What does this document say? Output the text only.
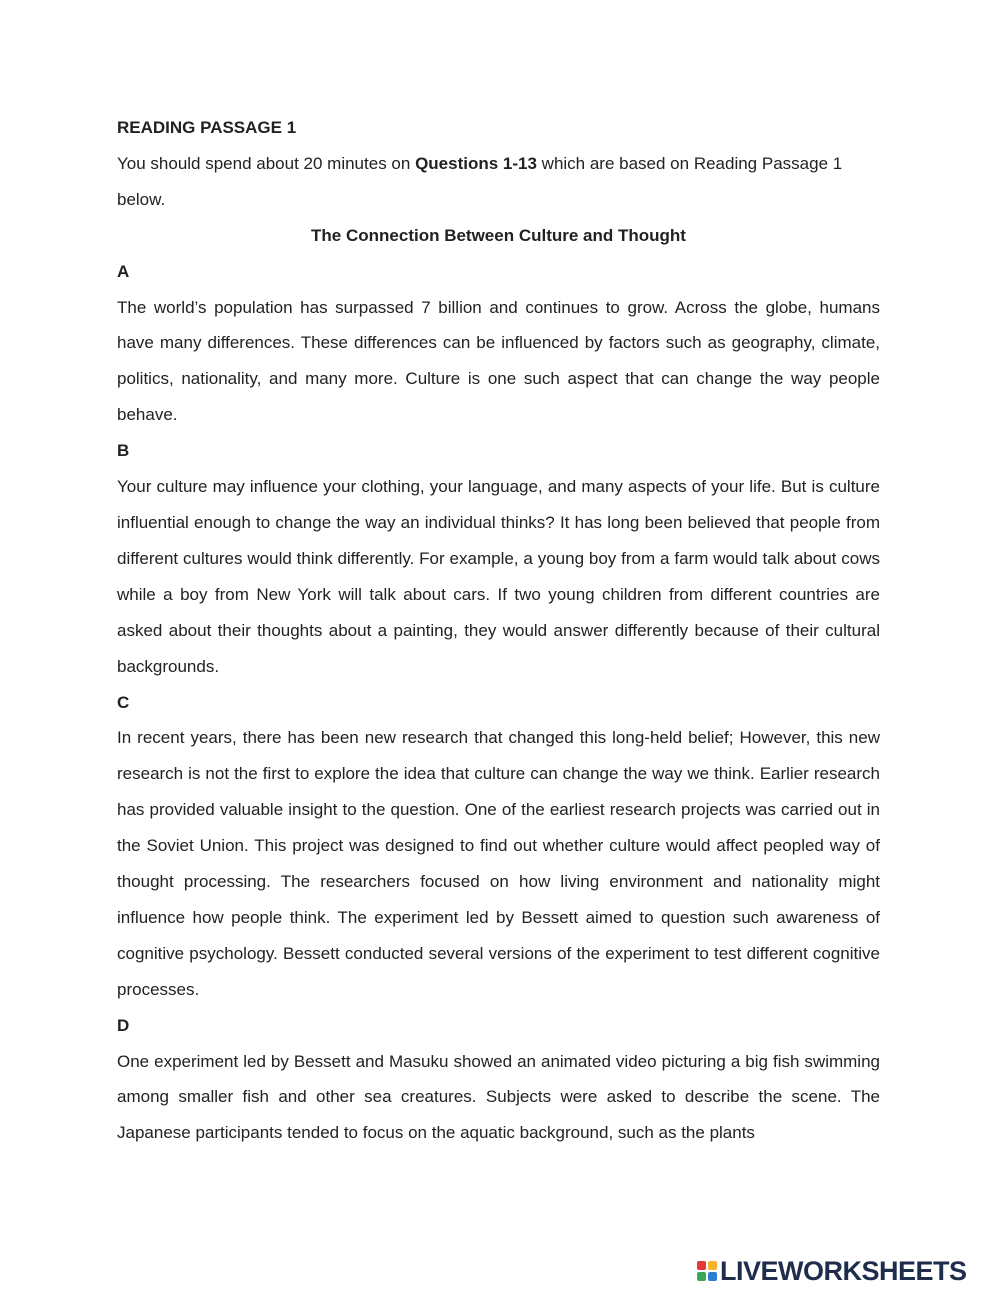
READING PASSAGE 1

You should spend about 20 minutes on Questions 1-13 which are based on Reading Passage 1 below.

The Connection Between Culture and Thought

A

The world’s population has surpassed 7 billion and continues to grow. Across the globe, humans have many differences. These differences can be influenced by factors such as geography, climate, politics, nationality, and many more. Culture is one such aspect that can change the way people behave.

B

Your culture may influence your clothing, your language, and many aspects of your life. But is culture influential enough to change the way an individual thinks? It has long been believed that people from different cultures would think differently. For example, a young boy from a farm would talk about cows while a boy from New York will talk about cars. If two young children from different countries are asked about their thoughts about a painting, they would answer differently because of their cultural backgrounds.

C

In recent years, there has been new research that changed this long-held belief; However, this new research is not the first to explore the idea that culture can change the way we think. Earlier research has provided valuable insight to the question. One of the earliest research projects was carried out in the Soviet Union. This project was designed to find out whether culture would affect peopled way of thought processing. The researchers focused on how living environment and nationality might influence how people think. The experiment led by Bessett aimed to question such awareness of cognitive psychology. Bessett conducted several versions of the experiment to test different cognitive processes.

D

One experiment led by Bessett and Masuku showed an animated video picturing a big fish swimming among smaller fish and other sea creatures. Subjects were asked to describe the scene. The Japanese participants tended to focus on the aquatic background, such as the plants

LIVEWORKSHEETS
